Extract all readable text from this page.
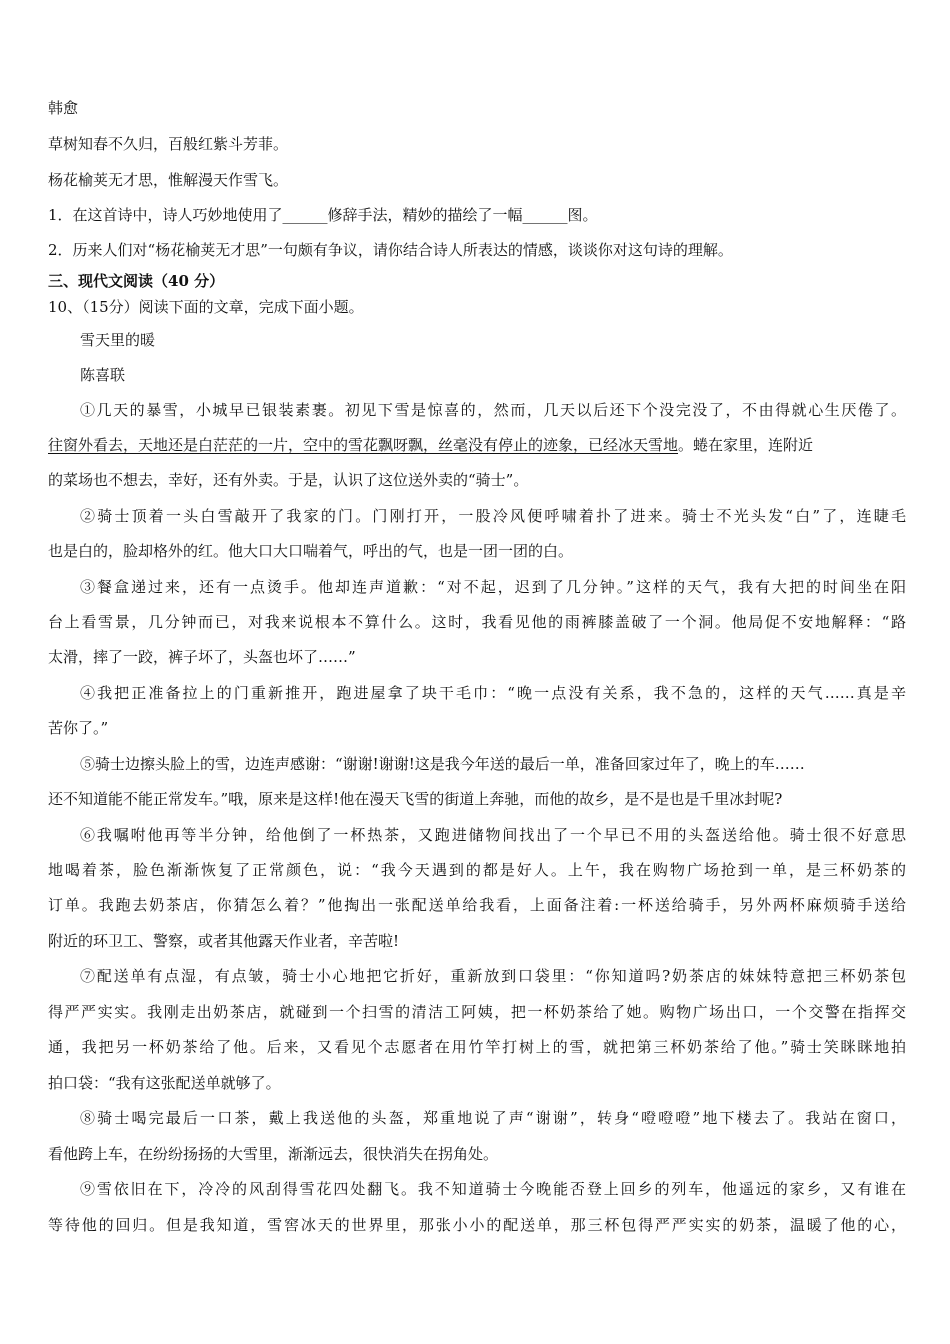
韩愈
草树知春不久归，百般红紫斗芳菲。
杨花榆荚无才思，惟解漫天作雪飞。
1．在这首诗中，诗人巧妙地使用了______修辞手法，精妙的描绘了一幅______图。
2．历来人们对“杨花榆荚无才思”一句颇有争议，请你结合诗人所表达的情感，谈谈你对这句诗的理解。
三、现代文阅读（40 分）
10、（15分）阅读下面的文章，完成下面小题。
雪天里的暖
陈喜联
①几天的暴雪，小城早已银装素裹。初见下雪是惊喜的，然而，几天以后还下个没完没了，不由得就心生厌倦了。
往窗外看去，天地还是白茫茫的一片，空中的雪花飘呀飘，丝毫没有停止的迹象，已经冰天雪地。蜷在家里，连附近
的菜场也不想去，幸好，还有外卖。于是，认识了这位送外卖的“骑士”。
②骑士顶着一头白雪敲开了我家的门。门刚打开，一股冷风便呼啸着扑了进来。骑士不光头发“白”了，连睫毛
也是白的，脸却格外的红。他大口大口喘着气，呼出的气，也是一团一团的白。
③餐盒递过来，还有一点烫手。他却连声道歉：“对不起，迟到了几分钟。”这样的天气，我有大把的时间坐在阳
台上看雪景，几分钟而已，对我来说根本不算什么。这时，我看见他的雨裤膝盖破了一个洞。他局促不安地解释：“路
太滑，摔了一跤，裤子坏了，头盔也坏了……”
④我把正准备拉上的门重新推开，跑进屋拿了块干毛巾：“晚一点没有关系，我不急的，这样的天气……真是辛
苦你了。”
⑤骑士边擦头脸上的雪，边连声感谢：“谢谢!谢谢!这是我今年送的最后一单，准备回家过年了，晚上的车……
还不知道能不能正常发车。”哦，原来是这样!他在漫天飞雪的街道上奔驰，而他的故乡，是不是也是千里冰封呢?
⑥我嘱咐他再等半分钟，给他倒了一杯热茶，又跑进储物间找出了一个早已不用的头盔送给他。骑士很不好意思
地喝着茶，脸色渐渐恢复了正常颜色，说：“我今天遇到的都是好人。上午，我在购物广场抢到一单，是三杯奶茶的
订单。我跑去奶茶店，你猜怎么着？”他掏出一张配送单给我看，上面备注着:一杯送给骑手，另外两杯麻烦骑手送给
附近的环卫工、警察，或者其他露天作业者，辛苦啦!
⑦配送单有点湿，有点皱，骑士小心地把它折好，重新放到口袋里：“你知道吗?奶茶店的妹妹特意把三杯奶茶包
得严严实实。我刚走出奶茶店，就碰到一个扫雪的清洁工阿姨，把一杯奶茶给了她。购物广场出口，一个交警在指挥交
通，我把另一杯奶茶给了他。后来，又看见个志愿者在用竹竿打树上的雪，就把第三杯奶茶给了他。”骑士笑眯眯地拍
拍口袋：“我有这张配送单就够了。
⑧骑士喝完最后一口茶，戴上我送他的头盔，郑重地说了声“谢谢”，转身“噔噔噔”地下楼去了。我站在窗口，
看他跨上车，在纷纷扬扬的大雪里，渐渐远去，很快消失在拐角处。
⑨雪依旧在下，冷冷的风刮得雪花四处翻飞。我不知道骑士今晚能否登上回乡的列车，他遥远的家乡，又有谁在
等待他的回归。但是我知道，雪窖冰天的世界里，那张小小的配送单，那三杯包得严严实实的奶茶，温暖了他的心，
